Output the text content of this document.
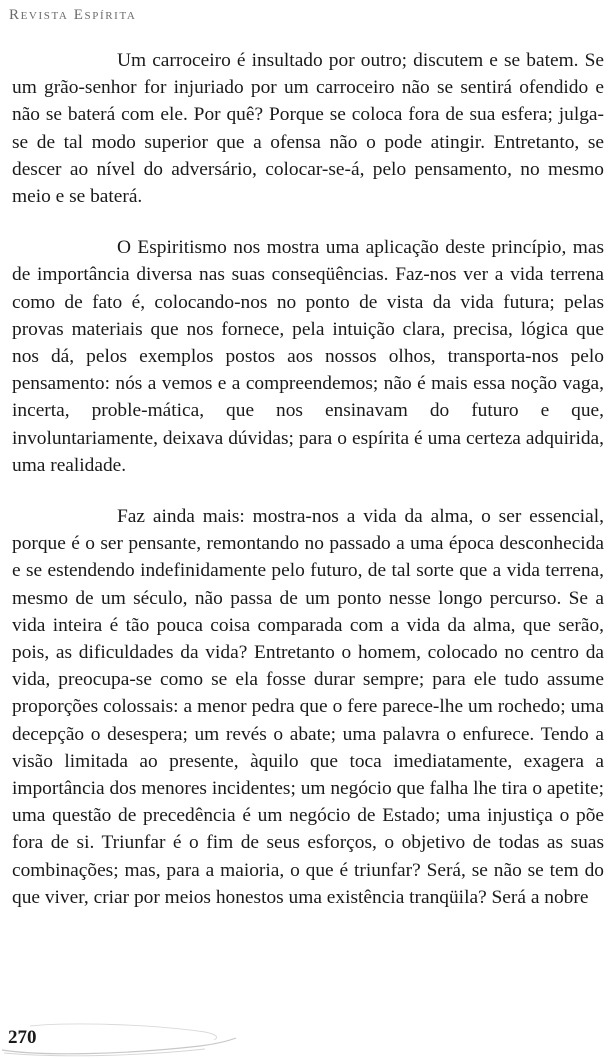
Revista Espírita

Um carroceiro é insultado por outro; discutem e se batem. Se um grão-senhor for injuriado por um carroceiro não se sentirá ofendido e não se baterá com ele. Por quê? Porque se coloca fora de sua esfera; julga-se de tal modo superior que a ofensa não o pode atingir. Entretanto, se descer ao nível do adversário, colocar-se-á, pelo pensamento, no mesmo meio e se baterá.

O Espiritismo nos mostra uma aplicação deste princípio, mas de importância diversa nas suas conseqüências. Faz-nos ver a vida terrena como de fato é, colocando-nos no ponto de vista da vida futura; pelas provas materiais que nos fornece, pela intuição clara, precisa, lógica que nos dá, pelos exemplos postos aos nossos olhos, transporta-nos pelo pensamento: nós a vemos e a compreendemos; não é mais essa noção vaga, incerta, proble-mática, que nos ensinavam do futuro e que, involuntariamente, deixava dúvidas; para o espírita é uma certeza adquirida, uma realidade.

Faz ainda mais: mostra-nos a vida da alma, o ser essencial, porque é o ser pensante, remontando no passado a uma época desconhecida e se estendendo indefinidamente pelo futuro, de tal sorte que a vida terrena, mesmo de um século, não passa de um ponto nesse longo percurso. Se a vida inteira é tão pouca coisa comparada com a vida da alma, que serão, pois, as dificuldades da vida? Entretanto o homem, colocado no centro da vida, preocupa-se como se ela fosse durar sempre; para ele tudo assume proporções colossais: a menor pedra que o fere parece-lhe um rochedo; uma decepção o desespera; um revés o abate; uma palavra o enfurece. Tendo a visão limitada ao presente, àquilo que toca imediatamente, exagera a importância dos menores incidentes; um negócio que falha lhe tira o apetite; uma questão de precedência é um negócio de Estado; uma injustiça o põe fora de si. Triunfar é o fim de seus esforços, o objetivo de todas as suas combinações; mas, para a maioria, o que é triunfar? Será, se não se tem do que viver, criar por meios honestos uma existência tranqüila? Será a nobre

270
